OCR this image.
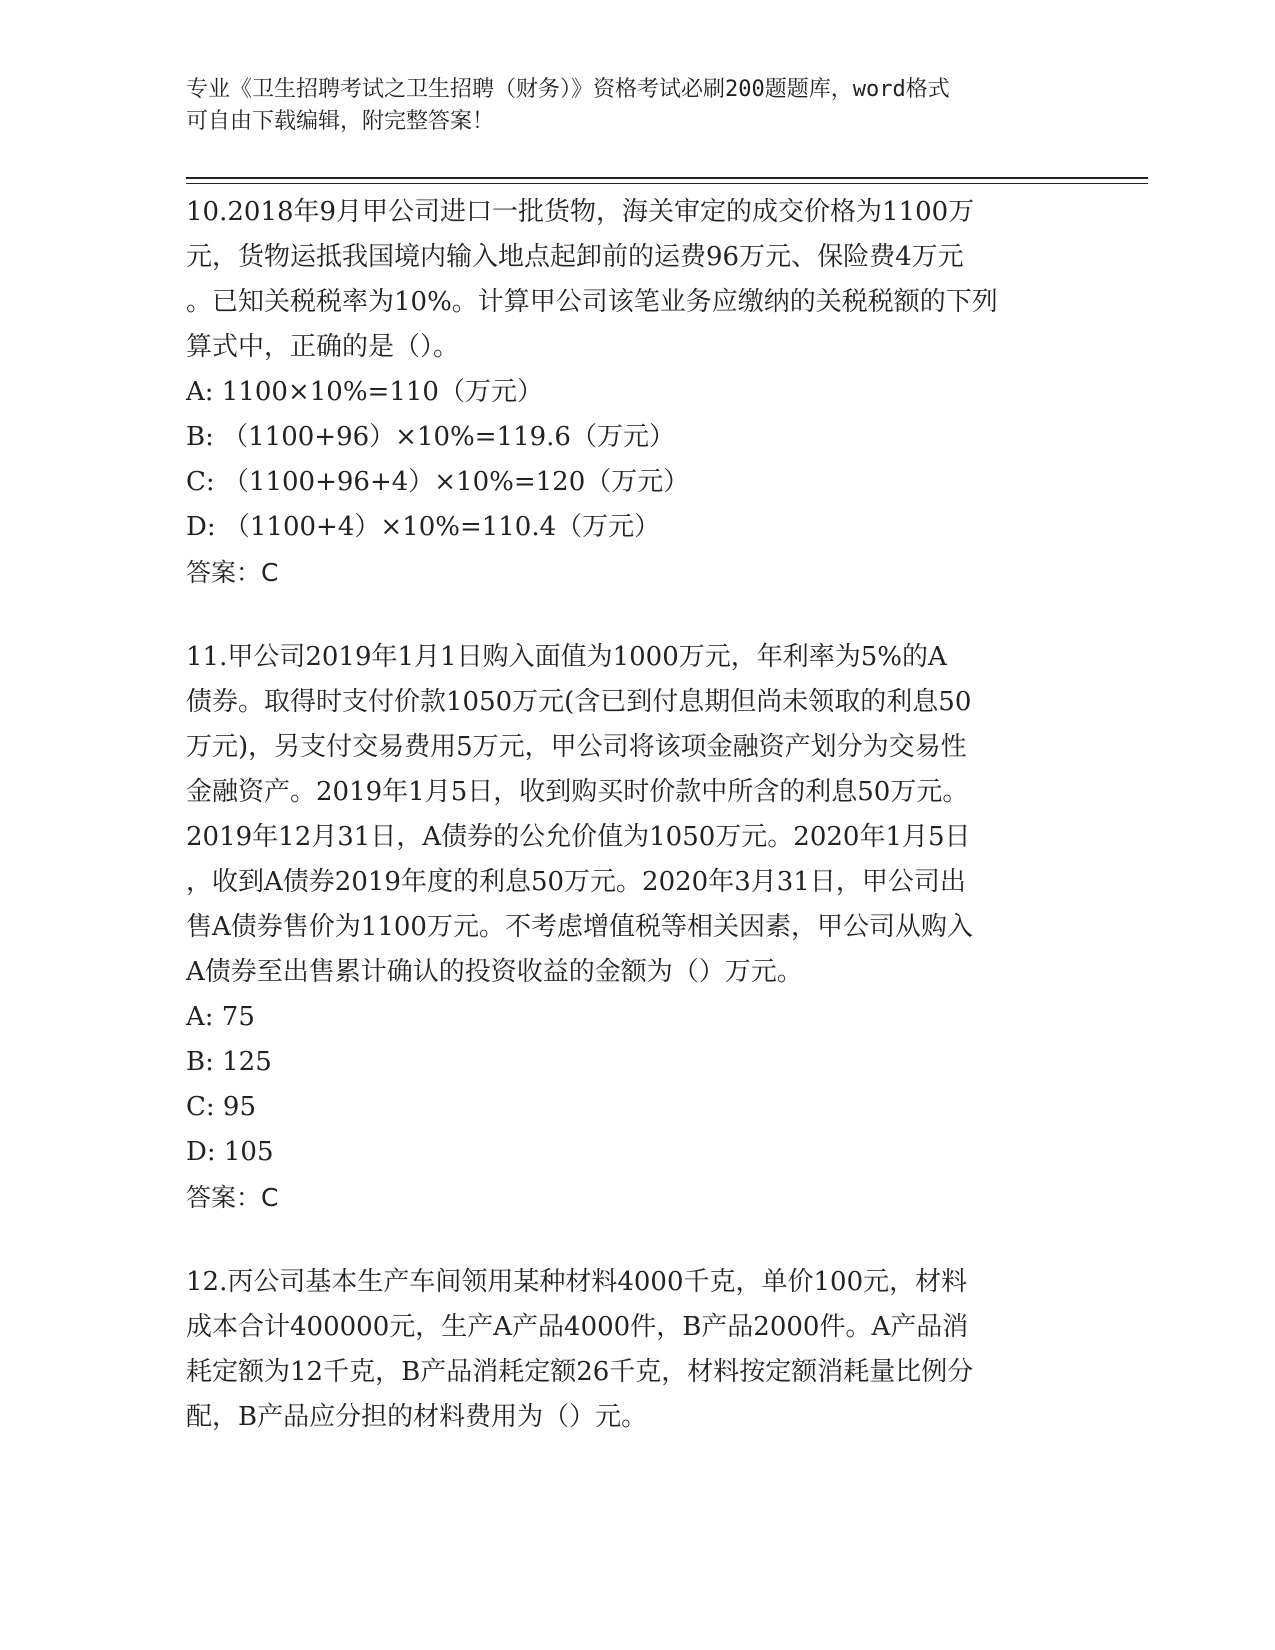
专业《卫生招聘考试之卫生招聘（财务）》资格考试必刷200题题库，word格式
可自由下载编辑，附完整答案！
10.2018年9月甲公司进口一批货物，海关审定的成交价格为1100万
元，货物运抵我国境内输入地点起卸前的运费96万元、保险费4万元
。已知关税税率为10%。计算甲公司该笔业务应缴纳的关税税额的下列
算式中，正确的是（）。
A: 1100×10%=110（万元）
B: （1100+96）×10%=119.6（万元）
C: （1100+96+4）×10%=120（万元）
D: （1100+4）×10%=110.4（万元）
答案：C
11.甲公司2019年1月1日购入面值为1000万元，年利率为5%的A
债券。取得时支付价款1050万元(含已到付息期但尚未领取的利息50
万元)，另支付交易费用5万元，甲公司将该项金融资产划分为交易性
金融资产。2019年1月5日，收到购买时价款中所含的利息50万元。
2019年12月31日，A债券的公允价值为1050万元。2020年1月5日
，收到A债券2019年度的利息50万元。2020年3月31日，甲公司出
售A债券售价为1100万元。不考虑增值税等相关因素，甲公司从购入
A债券至出售累计确认的投资收益的金额为（）万元。
A: 75
B: 125
C: 95
D: 105
答案：C
12.丙公司基本生产车间领用某种材料4000千克，单价100元，材料
成本合计400000元，生产A产品4000件，B产品2000件。A产品消
耗定额为12千克，B产品消耗定额26千克，材料按定额消耗量比例分
配，B产品应分担的材料费用为（）元。
